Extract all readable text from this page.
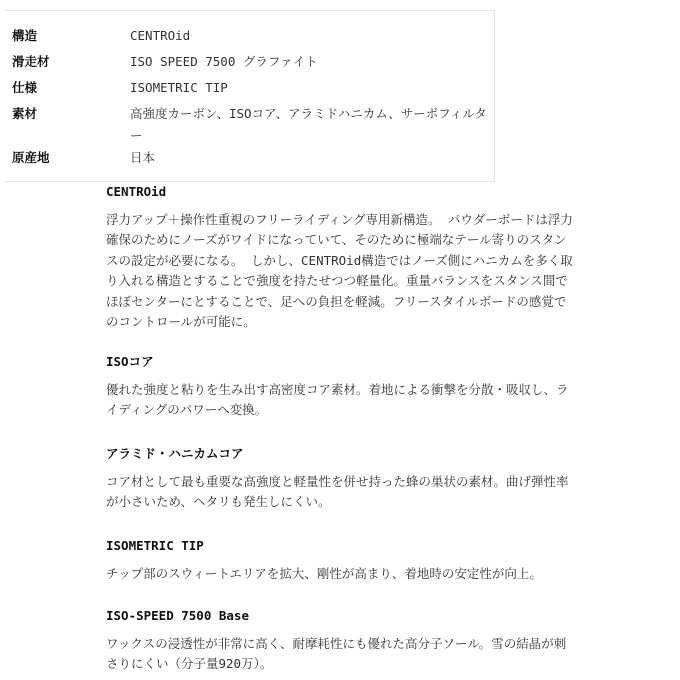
構造	CENTROid
滑走材	ISO SPEED 7500 グラファイト
仕様	ISOMETRIC TIP
素材	高強度カーボン、ISOコア、アラミドハニカム、サーボフィルター
原産地	日本
CENTROid

浮力アップ＋操作性重視のフリーライディング専用新構造。 パウダーボードは浮力確保のためにノーズがワイドになっていて、そのために極端なテール寄りのスタンスの設定が必要になる。 しかし、CENTROid構造ではノーズ側にハニカムを多く取り入れる構造とすることで強度を持たせつつ軽量化。重量バランスをスタンス間でほぼセンターにとすることで、足への負担を軽減。フリースタイルボードの感覚でのコントロールが可能に。

ISOコア

優れた強度と粘りを生み出す高密度コア素材。着地による衝撃を分散・吸収し、ライディングのパワーへ変換。

アラミド・ハニカムコア

コア材として最も重要な高強度と軽量性を併せ持った蜂の巣状の素材。曲げ弾性率が小さいため、ヘタリも発生しにくい。

ISOMETRIC TIP

チップ部のスウィートエリアを拡大、剛性が高まり、着地時の安定性が向上。

ISO-SPEED 7500 Base

ワックスの浸透性が非常に高く、耐摩耗性にも優れた高分子ソール。雪の結晶が刺さりにくい（分子量920万）。
